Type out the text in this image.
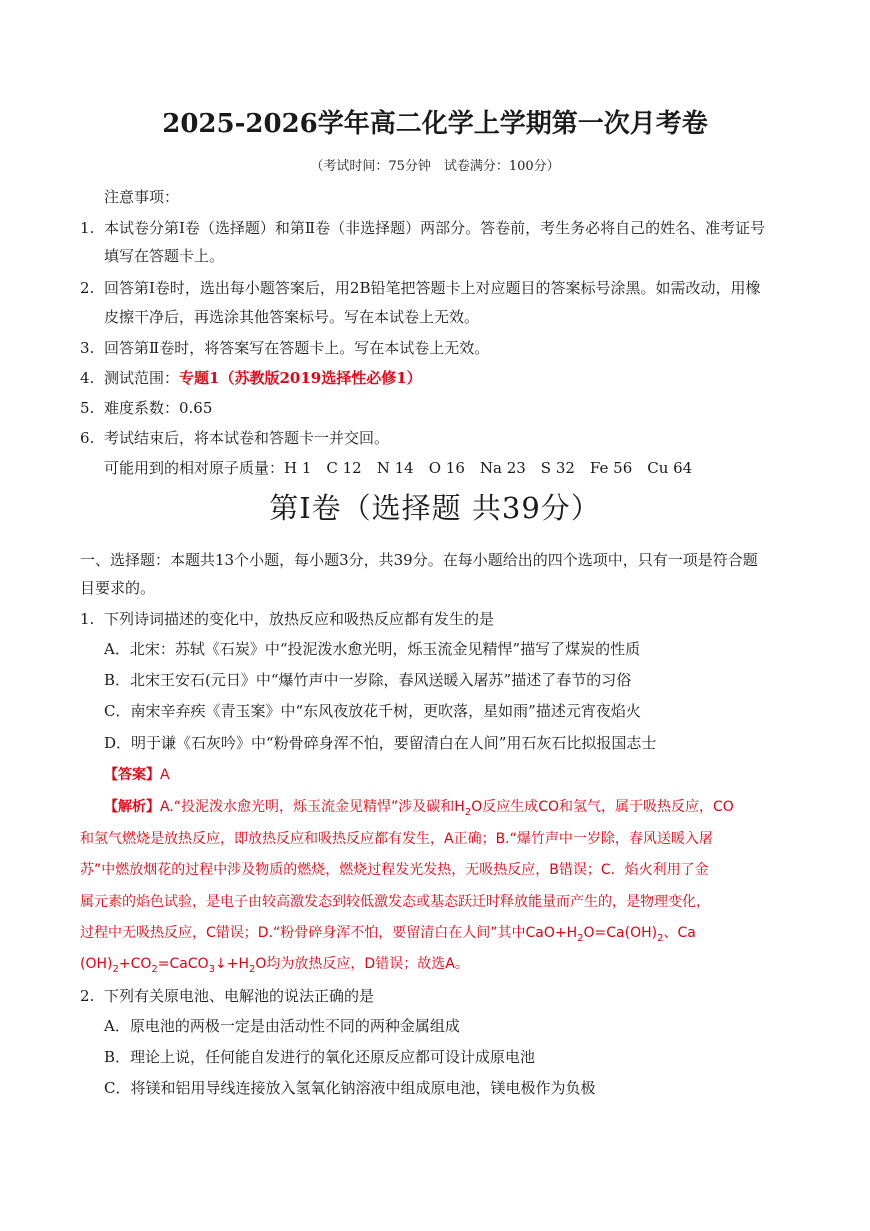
2025-2026学年高二化学上学期第一次月考卷
（考试时间：75分钟　试卷满分：100分）
注意事项：
1. 本试卷分第Ⅰ卷（选择题）和第Ⅱ卷（非选择题）两部分。答卷前，考生务必将自己的姓名、准考证号
填写在答题卡上。
2. 回答第Ⅰ卷时，选出每小题答案后，用2B铅笔把答题卡上对应题目的答案标号涂黑。如需改动，用橡
皮擦干净后，再选涂其他答案标号。写在本试卷上无效。
3. 回答第Ⅱ卷时，将答案写在答题卡上。写在本试卷上无效。
4. 测试范围：专题1（苏教版2019选择性必修1）
5. 难度系数：0.65
6. 考试结束后，将本试卷和答题卡一并交回。
可能用到的相对原子质量：H 1　C 12　N 14　O 16　Na 23　S 32　Fe 56　Cu 64
第Ⅰ卷（选择题 共39分）
一、选择题：本题共13个小题，每小题3分，共39分。在每小题给出的四个选项中，只有一项是符合题
目要求的。
1. 下列诗词描述的变化中，放热反应和吸热反应都有发生的是
A．北宋：苏轼《石炭》中“投泥泼水愈光明，烁玉流金见精悍”描写了煤炭的性质
B．北宋王安石(元日》中“爆竹声中一岁除，春风送暖入屠苏”描述了春节的习俗
C．南宋辛弃疾《青玉案》中“东风夜放花千树，更吹落，星如雨”描述元宵夜焰火
D．明于谦《石灰吟》中“粉骨碎身浑不怕，要留清白在人间”用石灰石比拟报国志士
【答案】A
【解析】A.“投泥泼水愈光明，烁玉流金见精悍”涉及碳和$H_2O$反应生成CO和氢气，属于吸热反应，CO
和氢气燃烧是放热反应，即放热反应和吸热反应都有发生，A正确；B.“爆竹声中一岁除，春风送暖入屠
苏”中燃放烟花的过程中涉及物质的燃烧，燃烧过程发光发热，无吸热反应，B错误；C．焰火利用了金
属元素的焰色试验，是电子由较高激发态到较低激发态或基态跃迁时释放能量而产生的，是物理变化，
过程中无吸热反应，C错误；D.“粉骨碎身浑不怕，要留清白在人间”其中$CaO+H_2O=Ca(OH)_2$、Ca
$(OH)_2+CO_2=CaCO_3↓+H_2O$均为放热反应，D错误；故选A。
2. 下列有关原电池、电解池的说法正确的是
A．原电池的两极一定是由活动性不同的两种金属组成
B．理论上说，任何能自发进行的氧化还原反应都可设计成原电池
C．将镁和铝用导线连接放入氢氧化钠溶液中组成原电池，镁电极作为负极
